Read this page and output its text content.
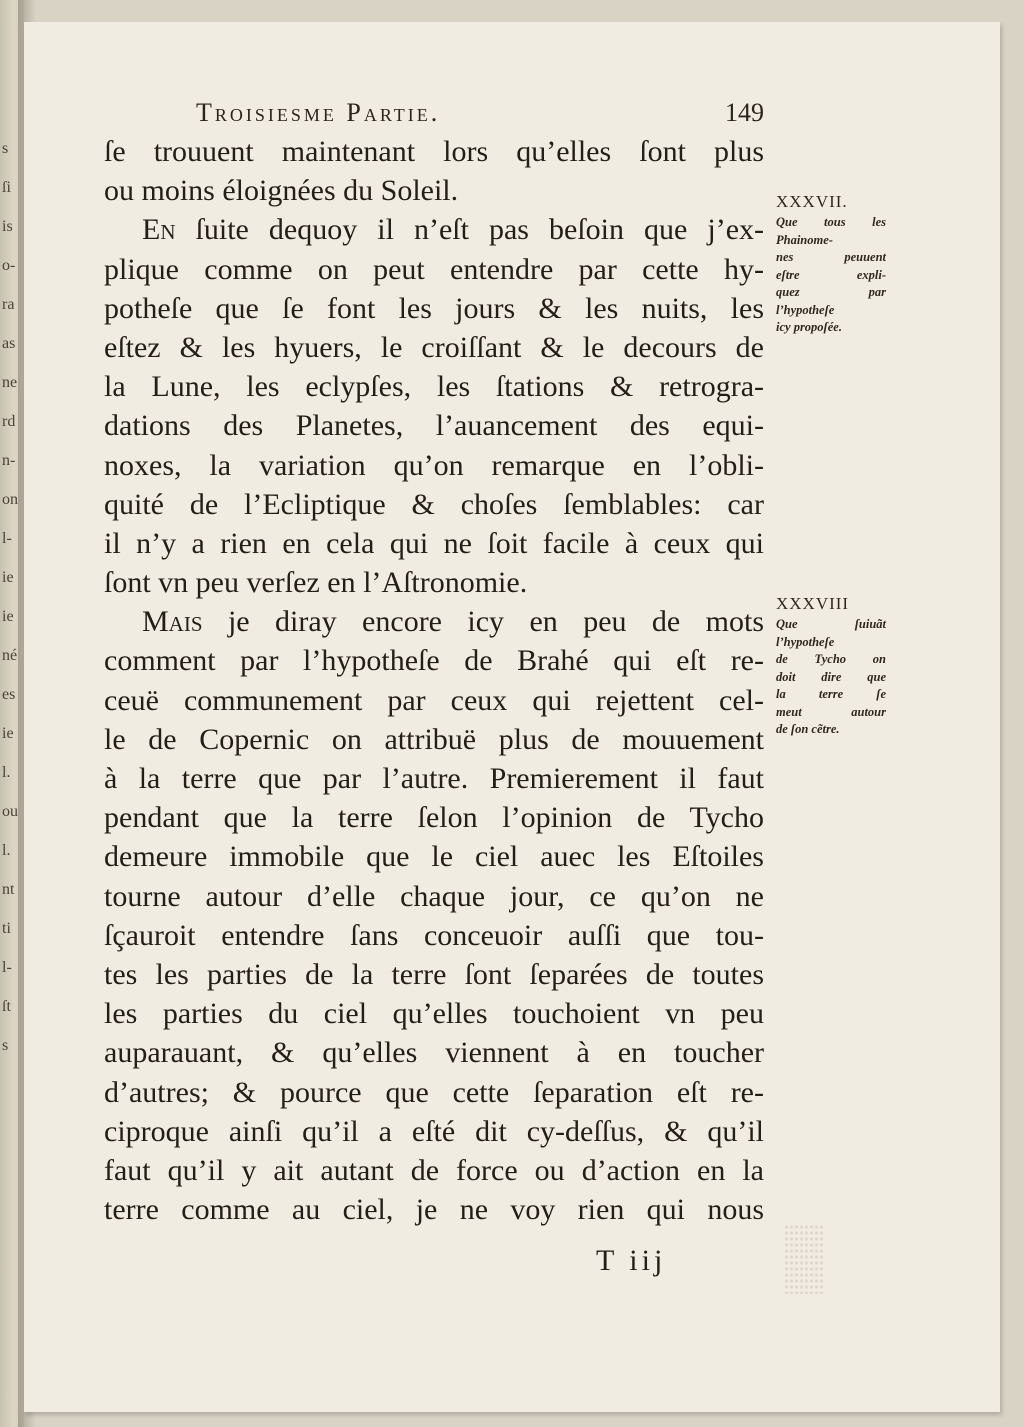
s
ſi
is
o-
ra
as
ne
rd
n-
on
l-
ie
ie
né
es
ie
l.
ou
l.
nt
ti
l-
ſt
s
Troisiesme Partie.	149
ſe trouuent maintenant lors qu’elles ſont plus
ou moins éloignées du Soleil.
En ſuite dequoy il n’eſt pas beſoin que j’ex-
plique comme on peut entendre par cette hy-
potheſe que ſe font les jours & les nuits, les
eſtez & les hyuers, le croiſſant & le decours de
la Lune, les eclypſes, les ſtations & retrogra-
dations des Planetes, l’auancement des equi-
noxes, la variation qu’on remarque en l’obli-
quité de l’Ecliptique & choſes ſemblables: car
il n’y a rien en cela qui ne ſoit facile à ceux qui
ſont vn peu verſez en l’Aſtronomie.
Mais je diray encore icy en peu de mots
comment par l’hypotheſe de Brahé qui eſt re-
ceuë communement par ceux qui rejettent cel-
le de Copernic on attribuë plus de mouuement
à la terre que par l’autre. Premierement il faut
pendant que la terre ſelon l’opinion de Tycho
demeure immobile que le ciel auec les Eſtoiles
tourne autour d’elle chaque jour, ce qu’on ne
ſçauroit entendre ſans conceuoir auſſi que tou-
tes les parties de la terre ſont ſeparées de toutes
les parties du ciel qu’elles touchoient vn peu
auparauant, & qu’elles viennent à en toucher
d’autres; & pource que cette ſeparation eſt re-
ciproque ainſi qu’il a eſté dit cy-deſſus, & qu’il
faut qu’il y ait autant de force ou d’action en la
terre comme au ciel, je ne voy rien qui nous
XXXVII.
Que tous les
Phainome-
nes peuuent
eſtre expli-
quez par
l’hypotheſe
icy propoſée.
XXXVIII
Que ſuiuãt
l’hypotheſe
de Tycho on
doit dire que
la terre ſe
meut autour
de ſon cẽtre.
T iij
